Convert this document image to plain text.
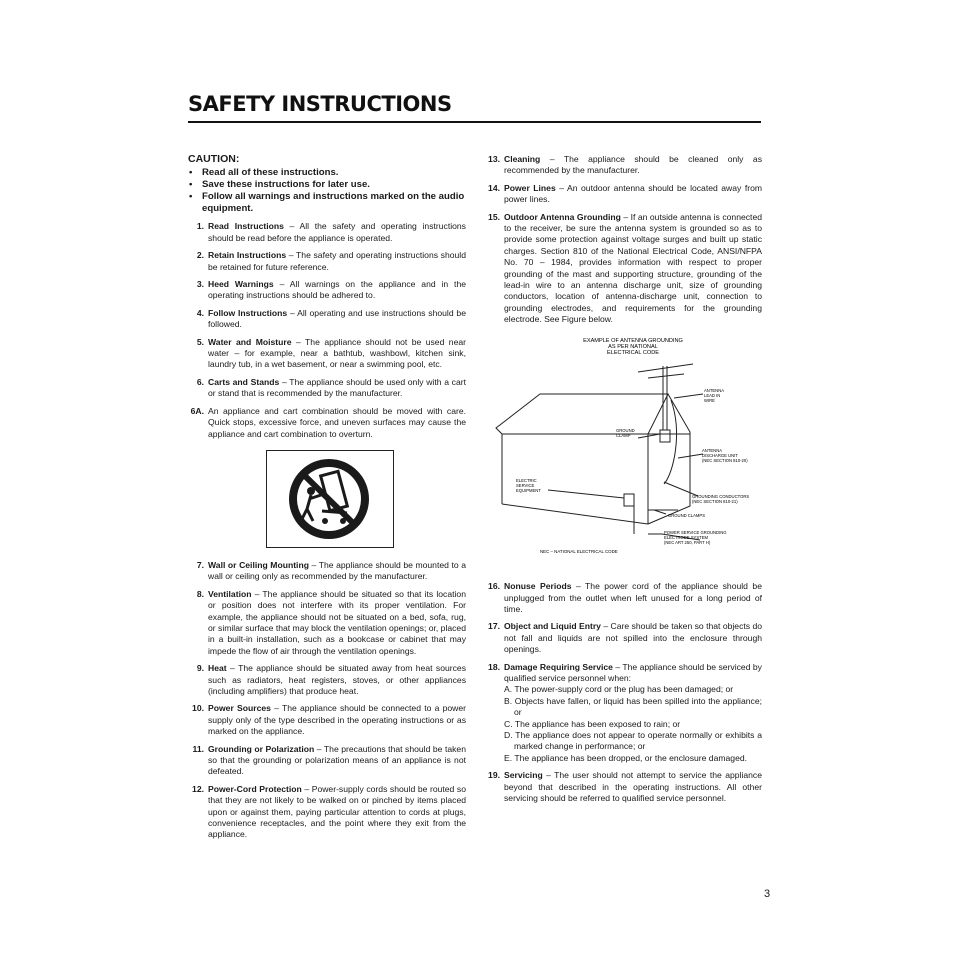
SAFETY INSTRUCTIONS
CAUTION:
• Read all of these instructions.
• Save these instructions for later use.
• Follow all warnings and instructions marked on the audio equipment.
1. Read Instructions – All the safety and operating instructions should be read before the appliance is operated.
2. Retain Instructions – The safety and operating instructions should be retained for future reference.
3. Heed Warnings – All warnings on the appliance and in the operating instructions should be adhered to.
4. Follow Instructions – All operating and use instructions should be followed.
5. Water and Moisture – The appliance should not be used near water – for example, near a bathtub, washbowl, kitchen sink, laundry tub, in a wet basement, or near a swimming pool, etc.
6. Carts and Stands – The appliance should be used only with a cart or stand that is recommended by the manufacturer.
6A. An appliance and cart combination should be moved with care. Quick stops, excessive force, and uneven surfaces may cause the appliance and cart combination to overturn.
7. Wall or Ceiling Mounting – The appliance should be mounted to a wall or ceiling only as recommended by the manufacturer.
8. Ventilation – The appliance should be situated so that its location or position does not interfere with its proper ventilation. For example, the appliance should not be situated on a bed, sofa, rug, or similar surface that may block the ventilation openings; or, placed in a built-in installation, such as a bookcase or cabinet that may impede the flow of air through the ventilation openings.
9. Heat – The appliance should be situated away from heat sources such as radiators, heat registers, stoves, or other appliances (including amplifiers) that produce heat.
10. Power Sources – The appliance should be connected to a power supply only of the type described in the operating instructions or as marked on the appliance.
11. Grounding or Polarization – The precautions that should be taken so that the grounding or polarization means of an appliance is not defeated.
12. Power-Cord Protection – Power-supply cords should be routed so that they are not likely to be walked on or pinched by items placed upon or against them, paying particular attention to cords at plugs, convenience receptacles, and the point where they exit from the appliance.
13. Cleaning – The appliance should be cleaned only as recommended by the manufacturer.
14. Power Lines – An outdoor antenna should be located away from power lines.
15. Outdoor Antenna Grounding – If an outside antenna is connected to the receiver, be sure the antenna system is grounded so as to provide some protection against voltage surges and built up static charges. Section 810 of the National Electrical Code, ANSI/NFPA No. 70 – 1984, provides information with respect to proper grounding of the mast and supporting structure, grounding of the lead-in wire to an antenna discharge unit, size of grounding conductors, location of antenna-discharge unit, connection to grounding electrodes, and requirements for the grounding electrode. See Figure below.
EXAMPLE OF ANTENNA GROUNDING
AS PER NATIONAL
ELECTRICAL CODE
ANTENNA
LEAD IN
WIRE
GROUND
CLAMP
ANTENNA
DISCHARGE UNIT
(NEC SECTION 810-20)
ELECTRIC
SERVICE
EQUIPMENT
GROUNDING CONDUCTORS
(NEC SECTION 810-21)
GROUND CLAMPS
POWER SERVICE GROUNDING
ELECTRODE SYSTEM
(NEC ART 250, PART H)
NEC – NATIONAL ELECTRICAL CODE
16. Nonuse Periods – The power cord of the appliance should be unplugged from the outlet when left unused for a long period of time.
17. Object and Liquid Entry – Care should be taken so that objects do not fall and liquids are not spilled into the enclosure through openings.
18. Damage Requiring Service – The appliance should be serviced by qualified service personnel when:
A. The power-supply cord or the plug has been damaged; or
B. Objects have fallen, or liquid has been spilled into the appliance; or
C. The appliance has been exposed to rain; or
D. The appliance does not appear to operate normally or exhibits a marked change in performance; or
E. The appliance has been dropped, or the enclosure damaged.
19. Servicing – The user should not attempt to service the appliance beyond that described in the operating instructions. All other servicing should be referred to qualified service personnel.
3
